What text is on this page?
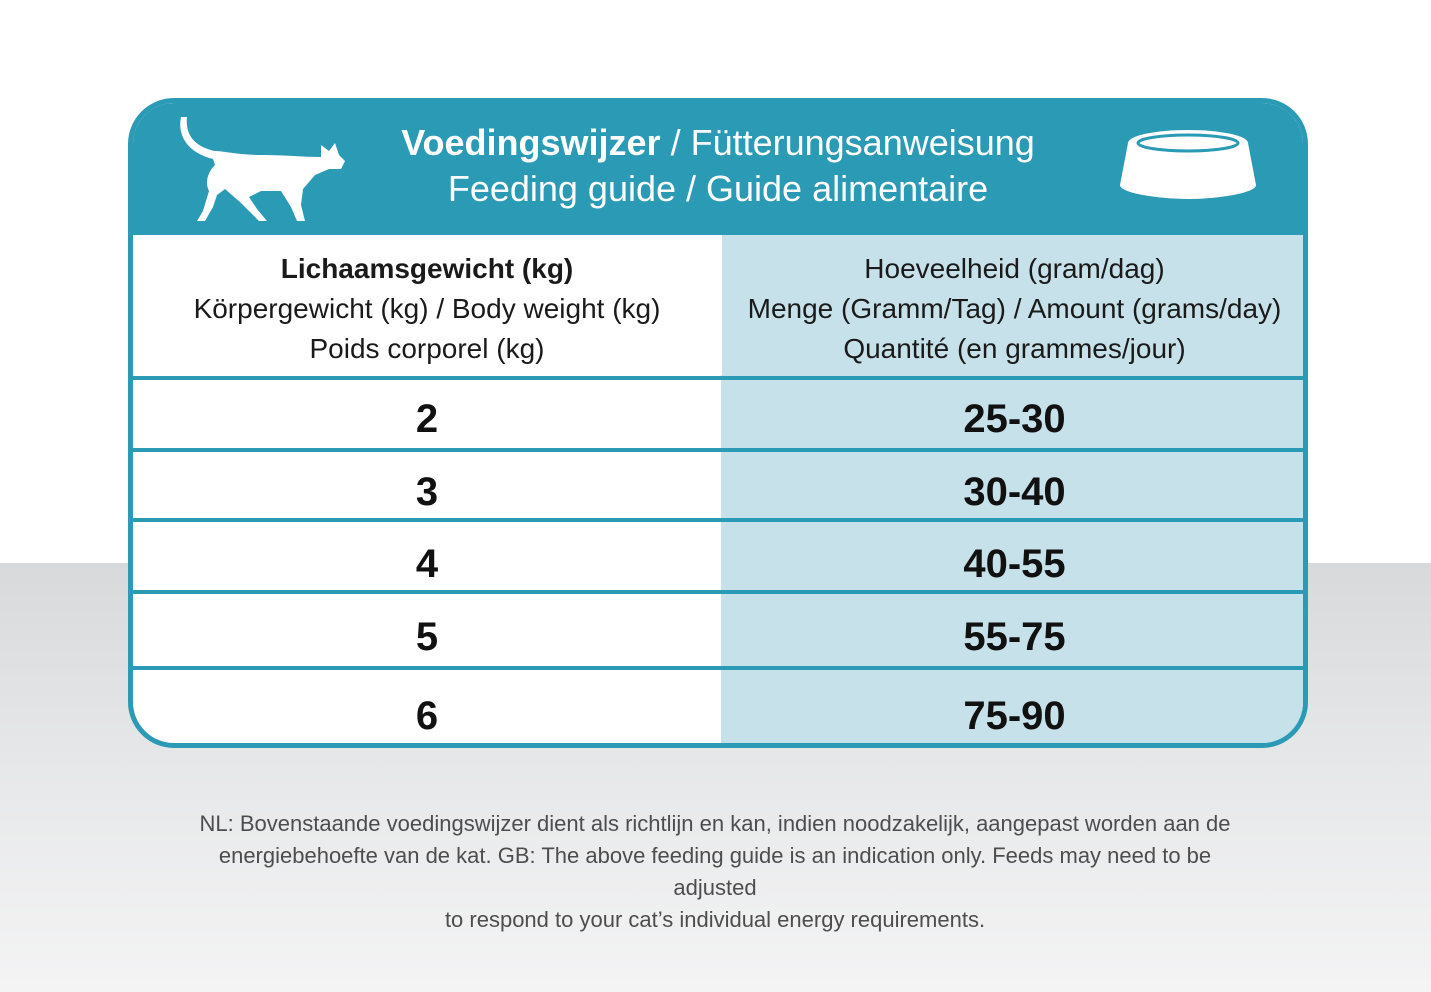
Voedingswijzer / Fütterungsanweisung
Feeding guide / Guide alimentaire
Lichaamsgewicht (kg)
Körpergewicht (kg) / Body weight (kg)
Poids corporel (kg)
Hoeveelheid (gram/dag)
Menge (Gramm/Tag) / Amount (grams/day)
Quantité (en grammes/jour)
2	25-30
3	30-40
4	40-55
5	55-75
6	75-90
NL: Bovenstaande voedingswijzer dient als richtlijn en kan, indien noodzakelijk, aangepast worden aan de
energiebehoefte van de kat. GB: The above feeding guide is an indication only. Feeds may need to be adjusted
to respond to your cat’s individual energy requirements.
